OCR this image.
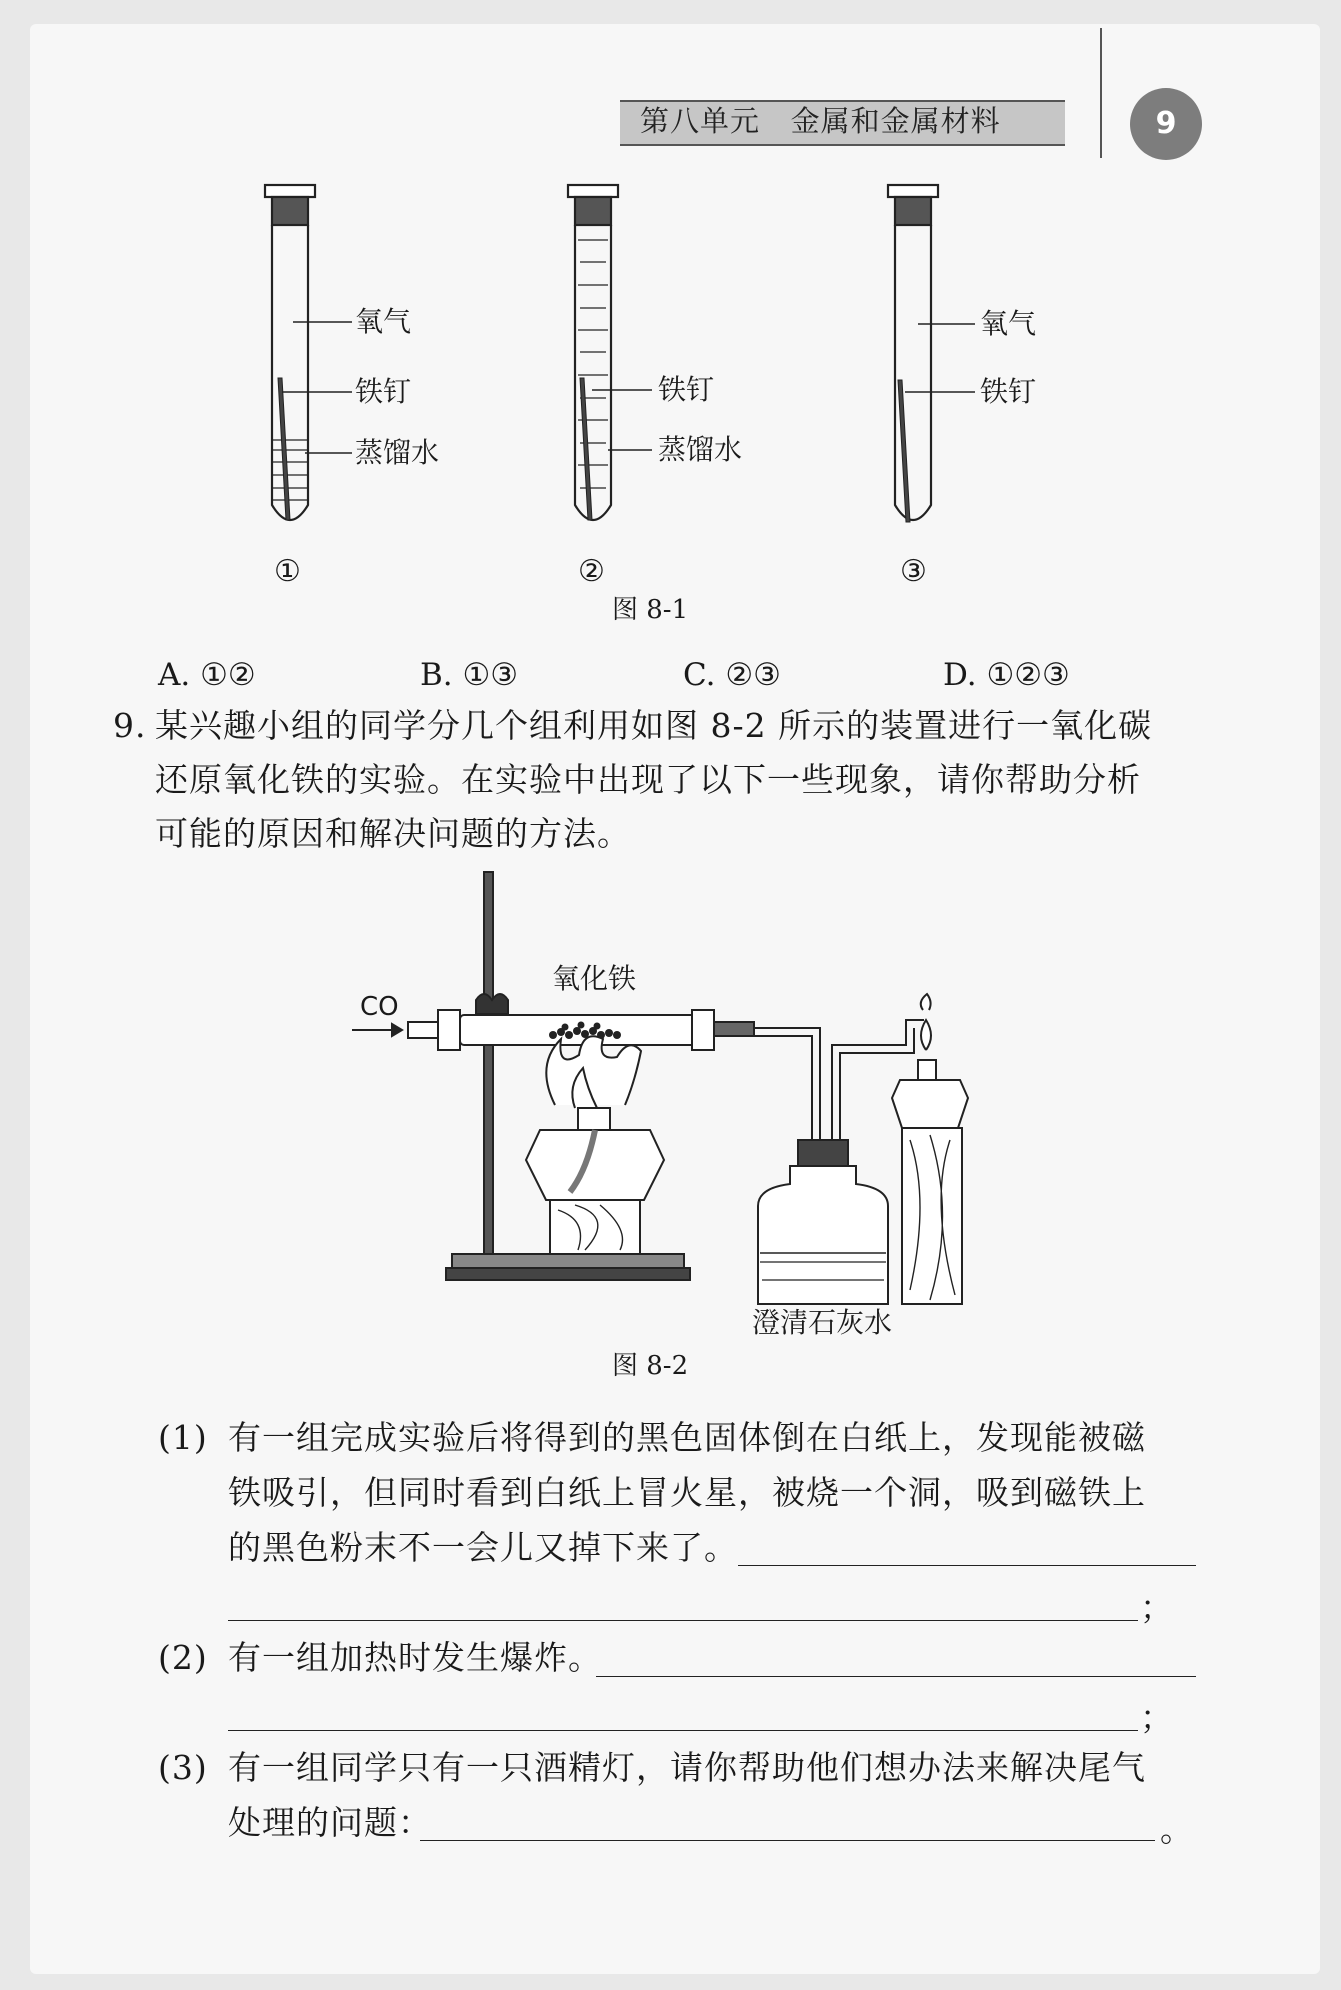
第八单元   金属和金属材料	9
氧气
铁钉
蒸馏水
铁钉
蒸馏水
氧气
铁钉
①	②	③
图 8-1
A. ①②	B. ①③	C. ②③	D. ①②③
9. 某兴趣小组的同学分几个组利用如图 8-2 所示的装置进行一氧化碳
还原氧化铁的实验。在实验中出现了以下一些现象，请你帮助分析
可能的原因和解决问题的方法。
CO
氧化铁
澄清石灰水
图 8-2
(1) 有一组完成实验后将得到的黑色固体倒在白纸上，发现能被磁
铁吸引，但同时看到白纸上冒火星，被烧一个洞，吸到磁铁上
的黑色粉末不一会儿又掉下来了。
；
(2) 有一组加热时发生爆炸。
；
(3) 有一组同学只有一只酒精灯，请你帮助他们想办法来解决尾气
处理的问题：	。
